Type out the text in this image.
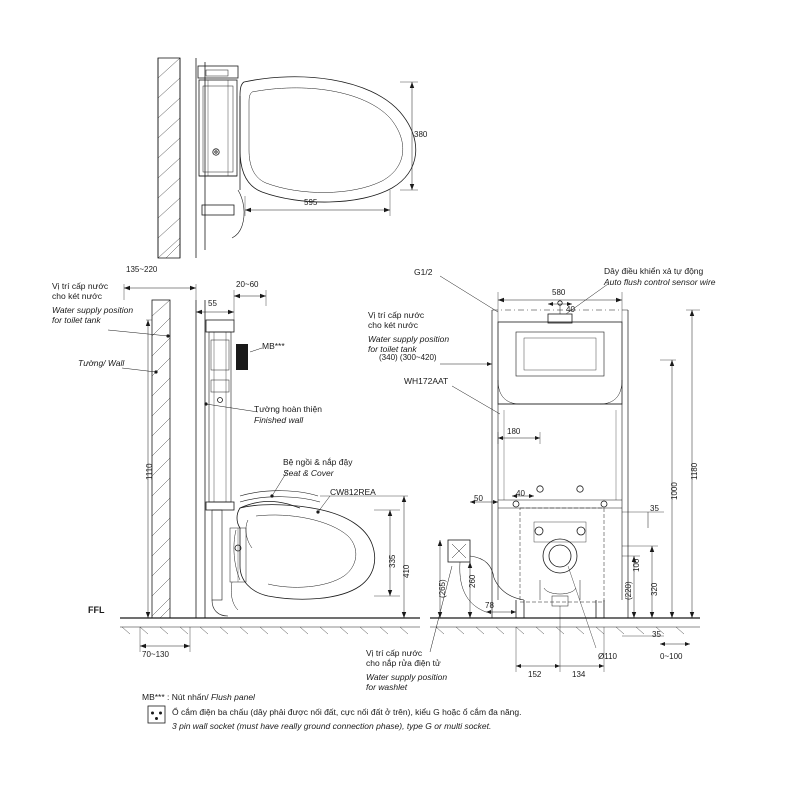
380
595
135~220
20~60
55
1110
335
410
70~130
FFL
Vị trí cấp nước
cho két nước
Water supply position
for toilet tank
Tường/ Wall
Tường hoàn thiện
Finished wall
Bệ ngồi & nắp đậy
Seat & Cover
CW812REA
MB***
G1/2	Dây điều khiển xả tự động
Auto flush control sensor wire
Vị trí cấp nước
cho két nước
Water supply position
for toilet tank
WH172AAT
Vị trí cấp nước
cho nắp rửa điện tử
Water supply position
for washlet
580
40
(340) (300~420)
180
1180
1000
50
40
35
100
320
(220)
260
(265)
78
152	134
Ø110
35
0~100
MB*** : Nút nhấn/ Flush panel
Ổ cắm điện ba chấu (dây phải được nối đất, cực nối đất ở trên), kiểu G hoặc ổ cắm đa năng.
3 pin wall socket (must have really ground connection phase), type G or multi socket.
